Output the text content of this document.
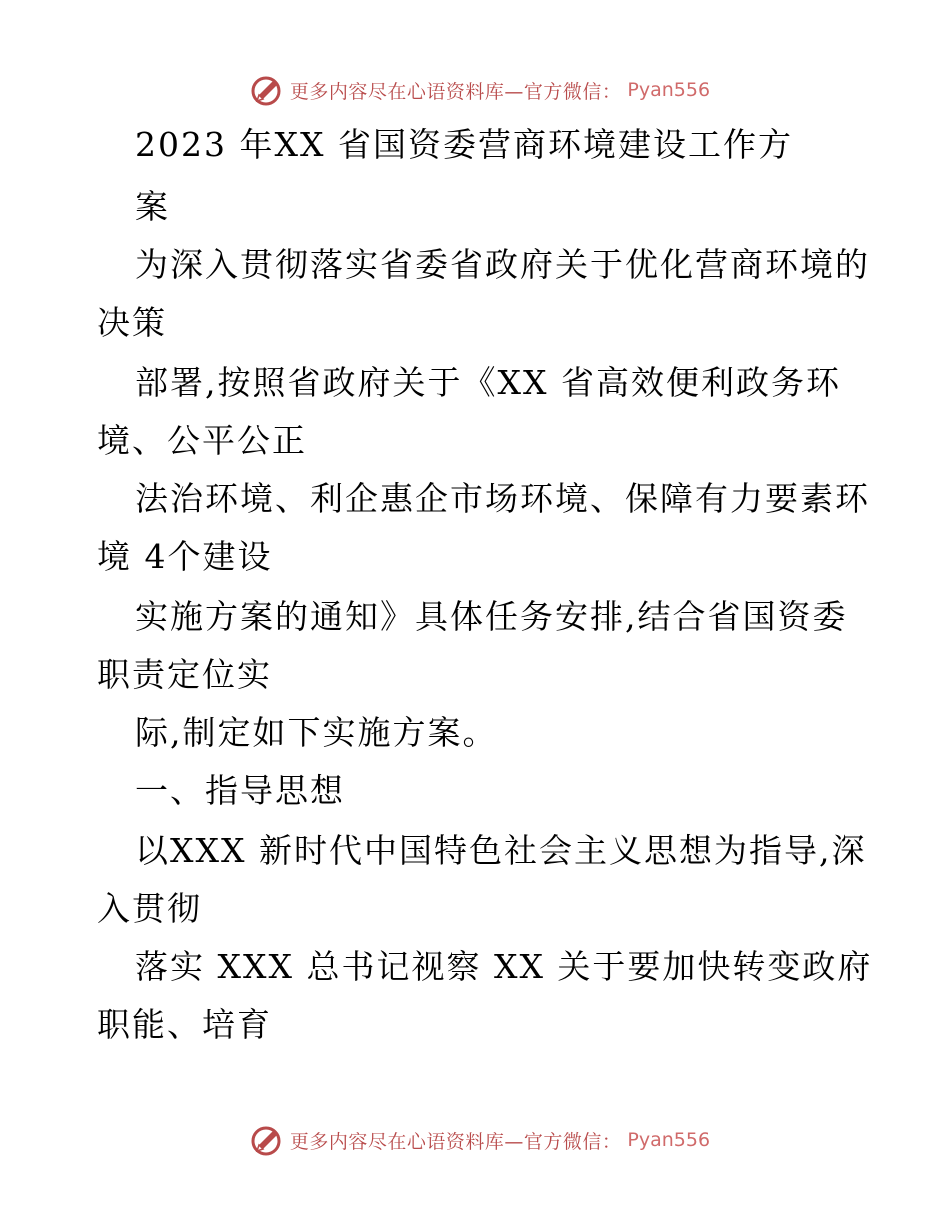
更多内容尽在心语资料库—官方微信： Pyan556
2023 年XX 省国资委营商环境建设工作方
案
为深入贯彻落实省委省政府关于优化营商环境的
决策
部署,按照省政府关于《XX 省高效便利政务环
境、公平公正
法治环境、利企惠企市场环境、保障有力要素环
境 4个建设
实施方案的通知》具体任务安排,结合省国资委
职责定位实
际,制定如下实施方案。
一、指导思想
以XXX 新时代中国特色社会主义思想为指导,深
入贯彻
落实 XXX 总书记视察 XX 关于要加快转变政府
职能、培育
更多内容尽在心语资料库—官方微信： Pyan556
